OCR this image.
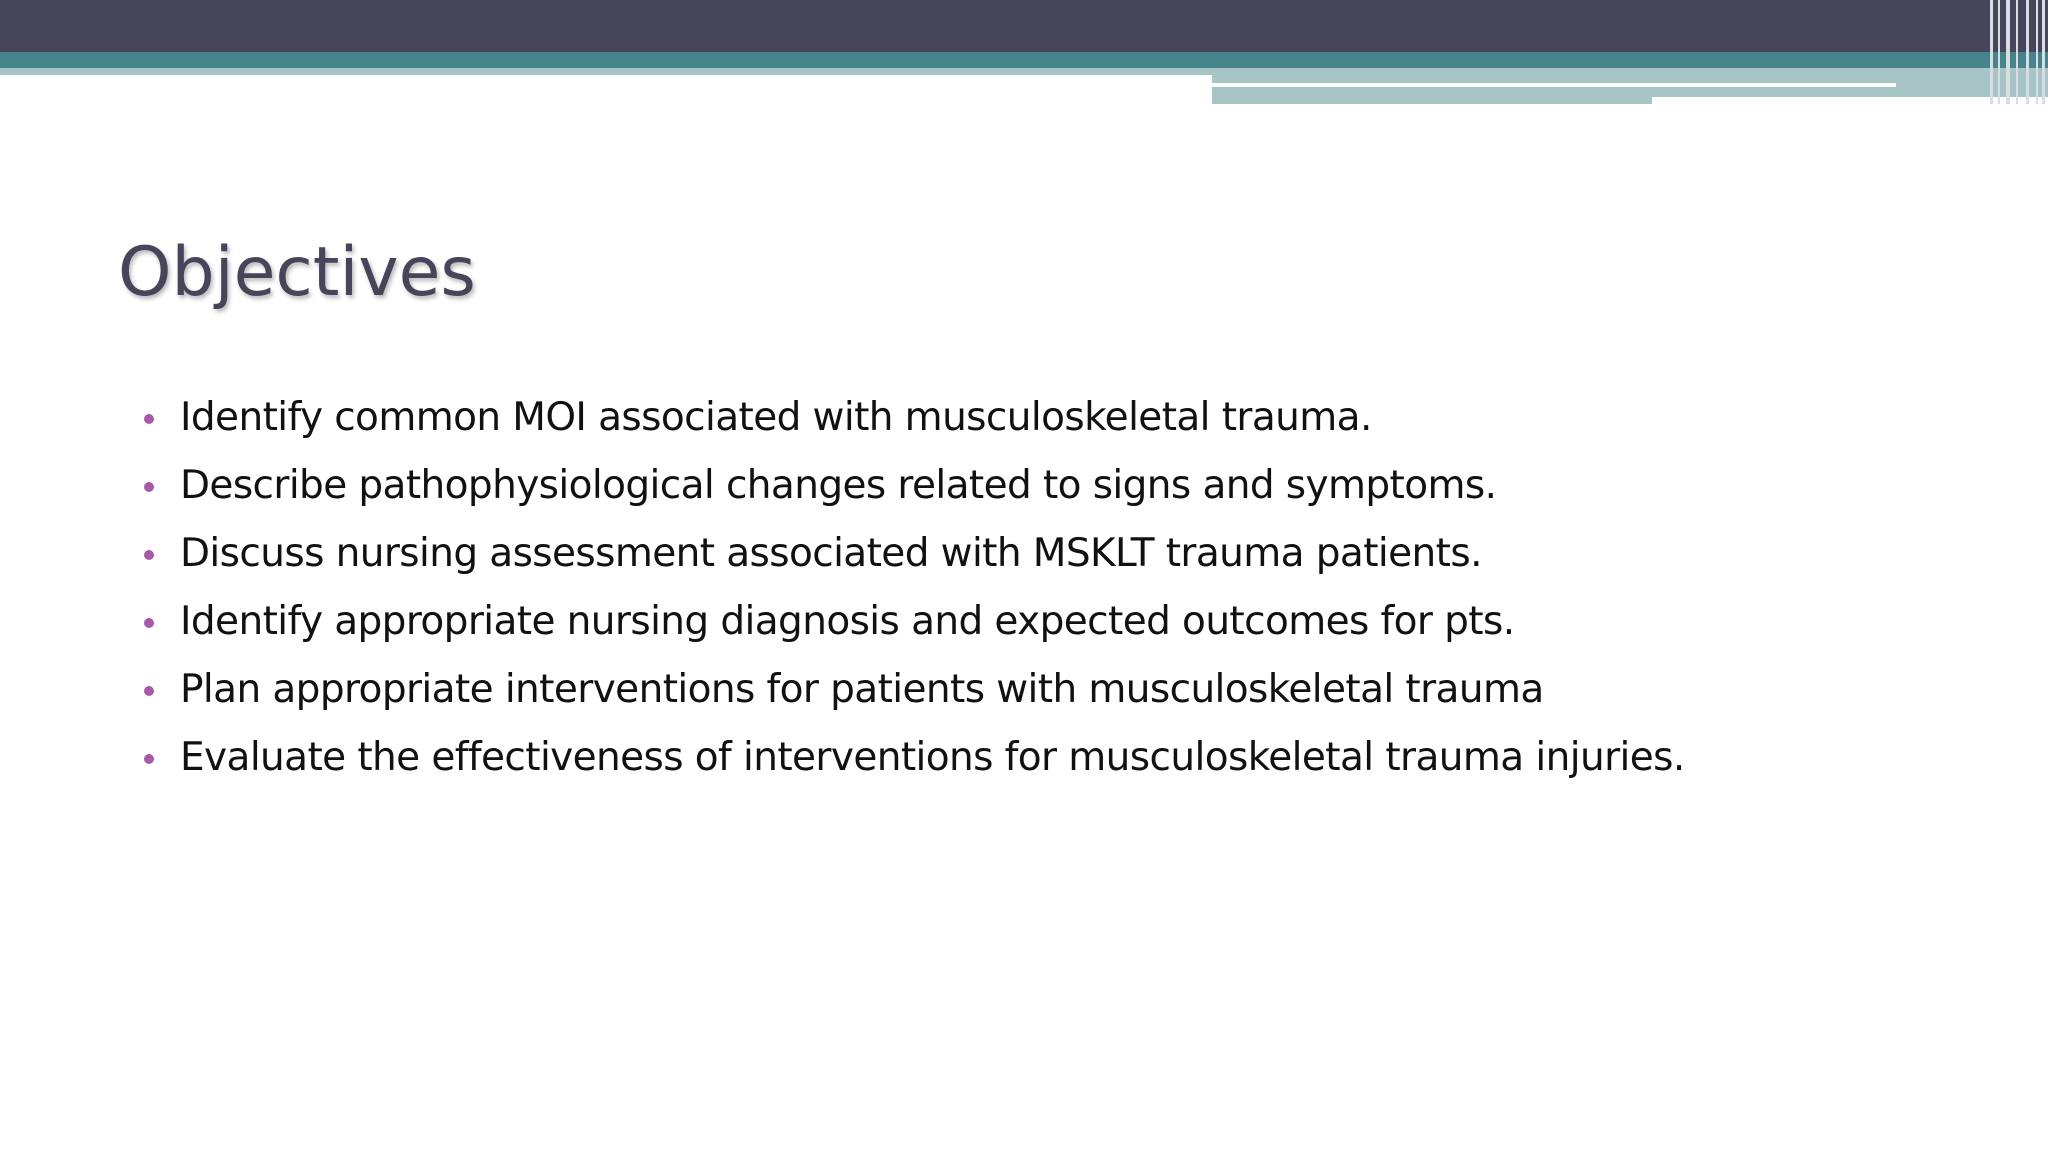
Objectives
Identify common MOI associated with musculoskeletal trauma.
Describe pathophysiological changes related to signs and symptoms.
Discuss nursing assessment associated with MSKLT trauma patients.
Identify appropriate nursing diagnosis and expected outcomes for pts.
Plan appropriate interventions for patients with musculoskeletal trauma
Evaluate the effectiveness of interventions for musculoskeletal trauma injuries.
